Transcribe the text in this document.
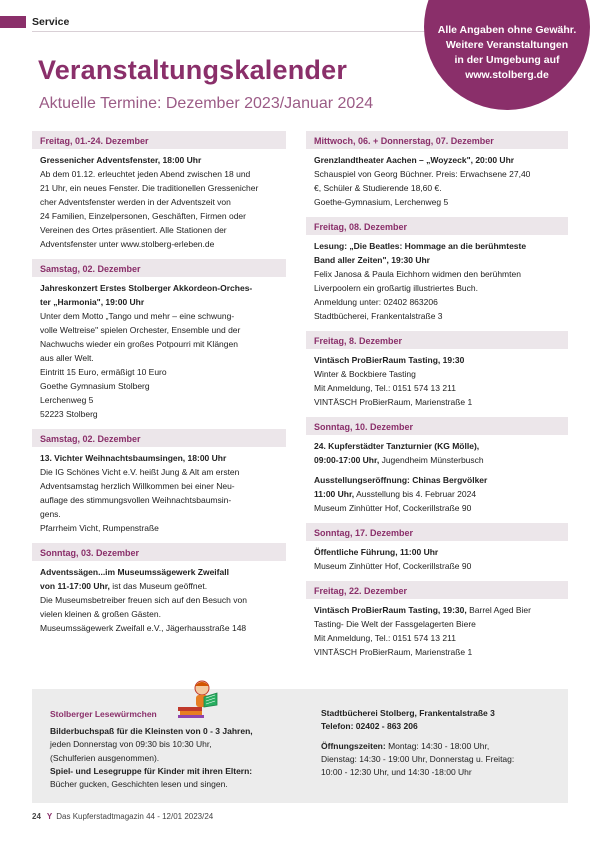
Service
Alle Angaben ohne Gewähr.
Weitere Veranstaltungen
in der Umgebung auf
www.stolberg.de
Veranstaltungskalender
Aktuelle Termine: Dezember 2023/Januar 2024
Freitag, 01.-24. Dezember

Gressenicher Adventsfenster, 18:00 Uhr

Ab dem 01.12. erleuchtet jeden Abend zwischen 18 und

21 Uhr, ein neues Fenster. Die traditionellen Gressenicher

cher Adventsfenster werden in der Adventszeit von

24 Familien, Einzelpersonen, Geschäften, Firmen oder

Vereinen des Ortes präsentiert. Alle Stationen der

Adventsfenster unter www.stolberg-erleben.de

Samstag, 02. Dezember

Jahreskonzert Erstes Stolberger Akkordeon-Orches-

ter „Harmonia", 19:00 Uhr

Unter dem Motto „Tango und mehr – eine schwung-

volle Weltreise" spielen Orchester, Ensemble und der

Nachwuchs wieder ein großes Potpourri mit Klängen

aus aller Welt.

Eintritt 15 Euro, ermäßigt 10 Euro

Goethe Gymnasium Stolberg

Lerchenweg 5

52223 Stolberg

Samstag, 02. Dezember

13. Vichter Weihnachtsbaumsingen, 18:00 Uhr

Die IG Schönes Vicht e.V. heißt Jung & Alt am ersten

Adventsamstag herzlich Willkommen bei einer Neu-

auflage des stimmungsvollen Weihnachtsbaumsin-

gens.

Pfarrheim Vicht, Rumpenstraße

Sonntag, 03. Dezember

Adventssägen...im Museumssägewerk Zweifall

von 11-17:00 Uhr, ist das Museum geöffnet.

Die Museumsbetreiber freuen sich auf den Besuch von

vielen kleinen & großen Gästen.

Museumssägewerk Zweifall e.V., Jägerhausstraße 148

Mittwoch, 06. + Donnerstag, 07. Dezember

Grenzlandtheater Aachen – „Woyzeck", 20:00 Uhr

Schauspiel von Georg Büchner. Preis: Erwachsene 27,40

€, Schüler & Studierende 18,60 €.

Goethe-Gymnasium, Lerchenweg 5

Freitag, 08. Dezember

Lesung: „Die Beatles: Hommage an die berühmteste

Band aller Zeiten", 19:30 Uhr

Felix Janosa & Paula Eichhorn widmen den berühmten

Liverpoolern ein großartig illustriertes Buch.

Anmeldung unter: 02402 863206

Stadtbücherei, Frankentalstraße 3

Freitag, 8. Dezember

Vintäsch ProBierRaum Tasting, 19:30

Winter & Bockbiere Tasting

Mit Anmeldung, Tel.: 0151 574 13 211

VINTÄSCH ProBierRaum, Marienstraße 1

Sonntag, 10. Dezember

24. Kupferstädter Tanzturnier (KG Mölle),

09:00-17:00 Uhr, Jugendheim Münsterbusch

Ausstellungseröffnung: Chinas Bergvölker

11:00 Uhr, Ausstellung bis 4. Februar 2024

Museum Zinhütter Hof, Cockerillstraße 90

Sonntag, 17. Dezember

Öffentliche Führung, 11:00 Uhr

Museum Zinhütter Hof, Cockerillstraße 90

Freitag, 22. Dezember

Vintäsch ProBierRaum Tasting, 19:30, Barrel Aged Bier

Tasting- Die Welt der Fassgelagerten Biere

Mit Anmeldung, Tel.: 0151 574 13 211

VINTÄSCH ProBierRaum, Marienstraße 1

Stolberger Lesewürmchen

Bilderbuchspaß für die Kleinsten von 0 - 3 Jahren,

jeden Donnerstag von 09:30 bis 10:30 Uhr,

(Schulferien ausgenommen).

Spiel- und Lesegruppe für Kinder mit ihren Eltern:

Bücher gucken, Geschichten lesen und singen.

Stadtbücherei Stolberg, Frankentalstraße 3

Telefon: 02402 - 863 206

Öffnungszeiten: Montag: 14:30 - 18:00 Uhr,

Dienstag: 14:30 - 19:00 Uhr, Donnerstag u. Freitag:

10:00 - 12:30 Uhr, und 14:30 -18:00 Uhr

24 Y Das Kupferstadtmagazin 44 - 12/01 2023/24
